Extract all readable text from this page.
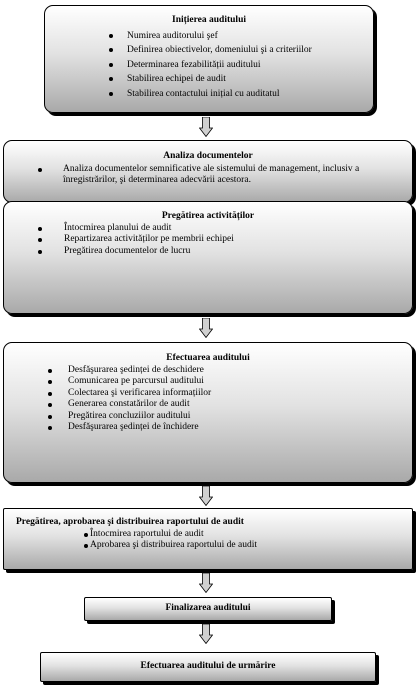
Inițierea auditului

Numirea auditorului şef
Definirea obiectivelor, domeniului şi a criteriilor
Determinarea fezabilității auditului
Stabilirea echipei de audit
Stabilirea contactului inițial cu auditatul

Analiza documentelor

Analiza documentelor semnificative ale sistemului de management, inclusiv a
înregistrărilor, şi determinarea adecvării acestora.

Pregătirea activităților

Întocmirea planului de audit
Repartizarea activităților pe membrii echipei
Pregătirea documentelor de lucru

Efectuarea auditului

Desfăşurarea şedinței de deschidere
Comunicarea pe parcursul auditului
Colectarea şi verificarea informațiilor
Generarea constatărilor de audit
Pregătirea concluziilor auditului
Desfăşurarea şedinței de închidere

Pregătirea, aprobarea şi distribuirea raportului de audit

Întocmirea raportului de audit
Aprobarea şi distribuirea raportului de audit

Finalizarea auditului

Efectuarea auditului de urmărire
